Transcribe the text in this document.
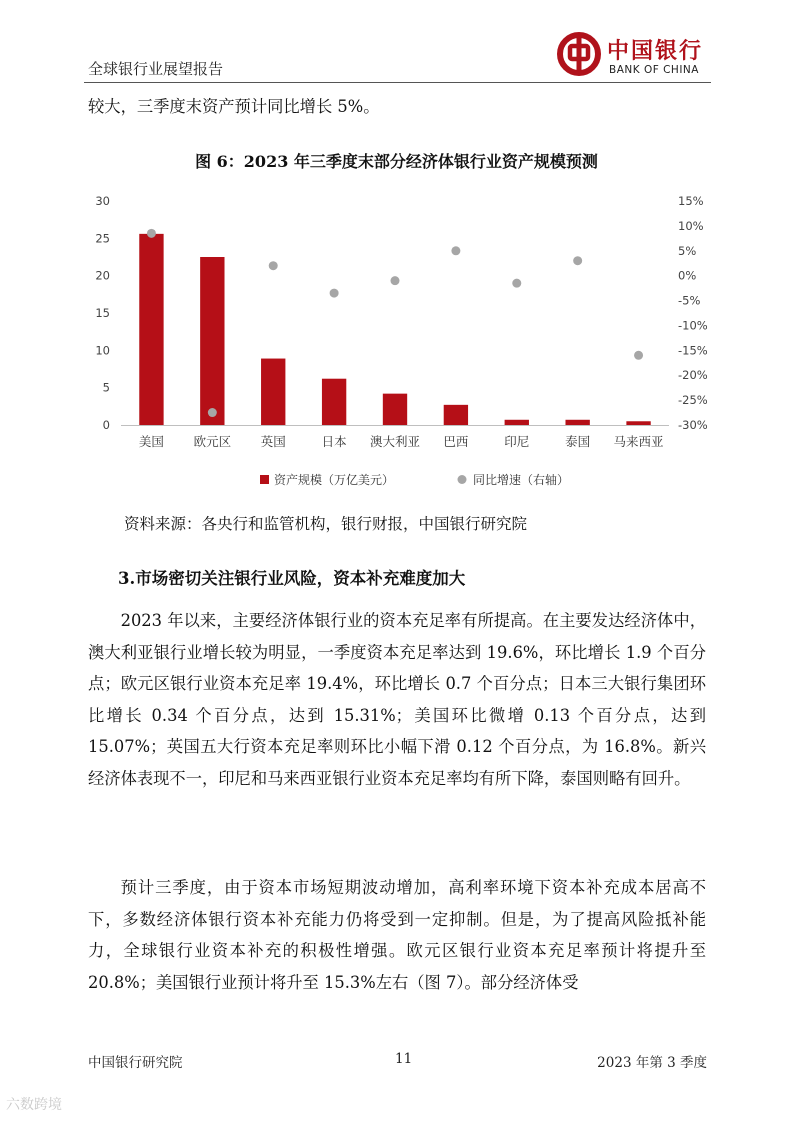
全球银行业展望报告
中国银行
BANK OF CHINA

较大，三季度末资产预计同比增长 5%。

图 6：2023 年三季度末部分经济体银行业资产规模预测
0
5
10
15
20
25
30
-30%
-25%
-20%
-15%
-10%
-5%
0%
5%
10%
15%
美国 欧元区 英国	日本 澳大利亚 巴西	印尼	泰国 马来西亚
资产规模（万亿美元）	同比增速（右轴）
资料来源：各央行和监管机构，银行财报，中国银行研究院
3.市场密切关注银行业风险，资本补充难度加大

2023 年以来，主要经济体银行业的资本充足率有所提高。在主要发达经济体中，澳大利亚银行业增长较为明显，一季度资本充足率达到 19.6%，环比增长 1.9 个百分点；欧元区银行业资本充足率 19.4%，环比增长 0.7 个百分点；日本三大银行集团环比增长 0.34 个百分点，达到 15.31%；美国环比微增 0.13 个百分点，达到 15.07%；英国五大行资本充足率则环比小幅下滑 0.12 个百分点，为 16.8%。新兴经济体表现不一，印尼和马来西亚银行业资本充足率均有所下降，泰国则略有回升。

预计三季度，由于资本市场短期波动增加，高利率环境下资本补充成本居高不下，多数经济体银行资本补充能力仍将受到一定抑制。但是，为了提高风险抵补能力，全球银行业资本补充的积极性增强。欧元区银行业资本充足率预计将提升至 20.8%；美国银行业预计将升至 15.3%左右（图 7）。部分经济体受

中国银行研究院	11	2023 年第 3 季度
六数跨境
